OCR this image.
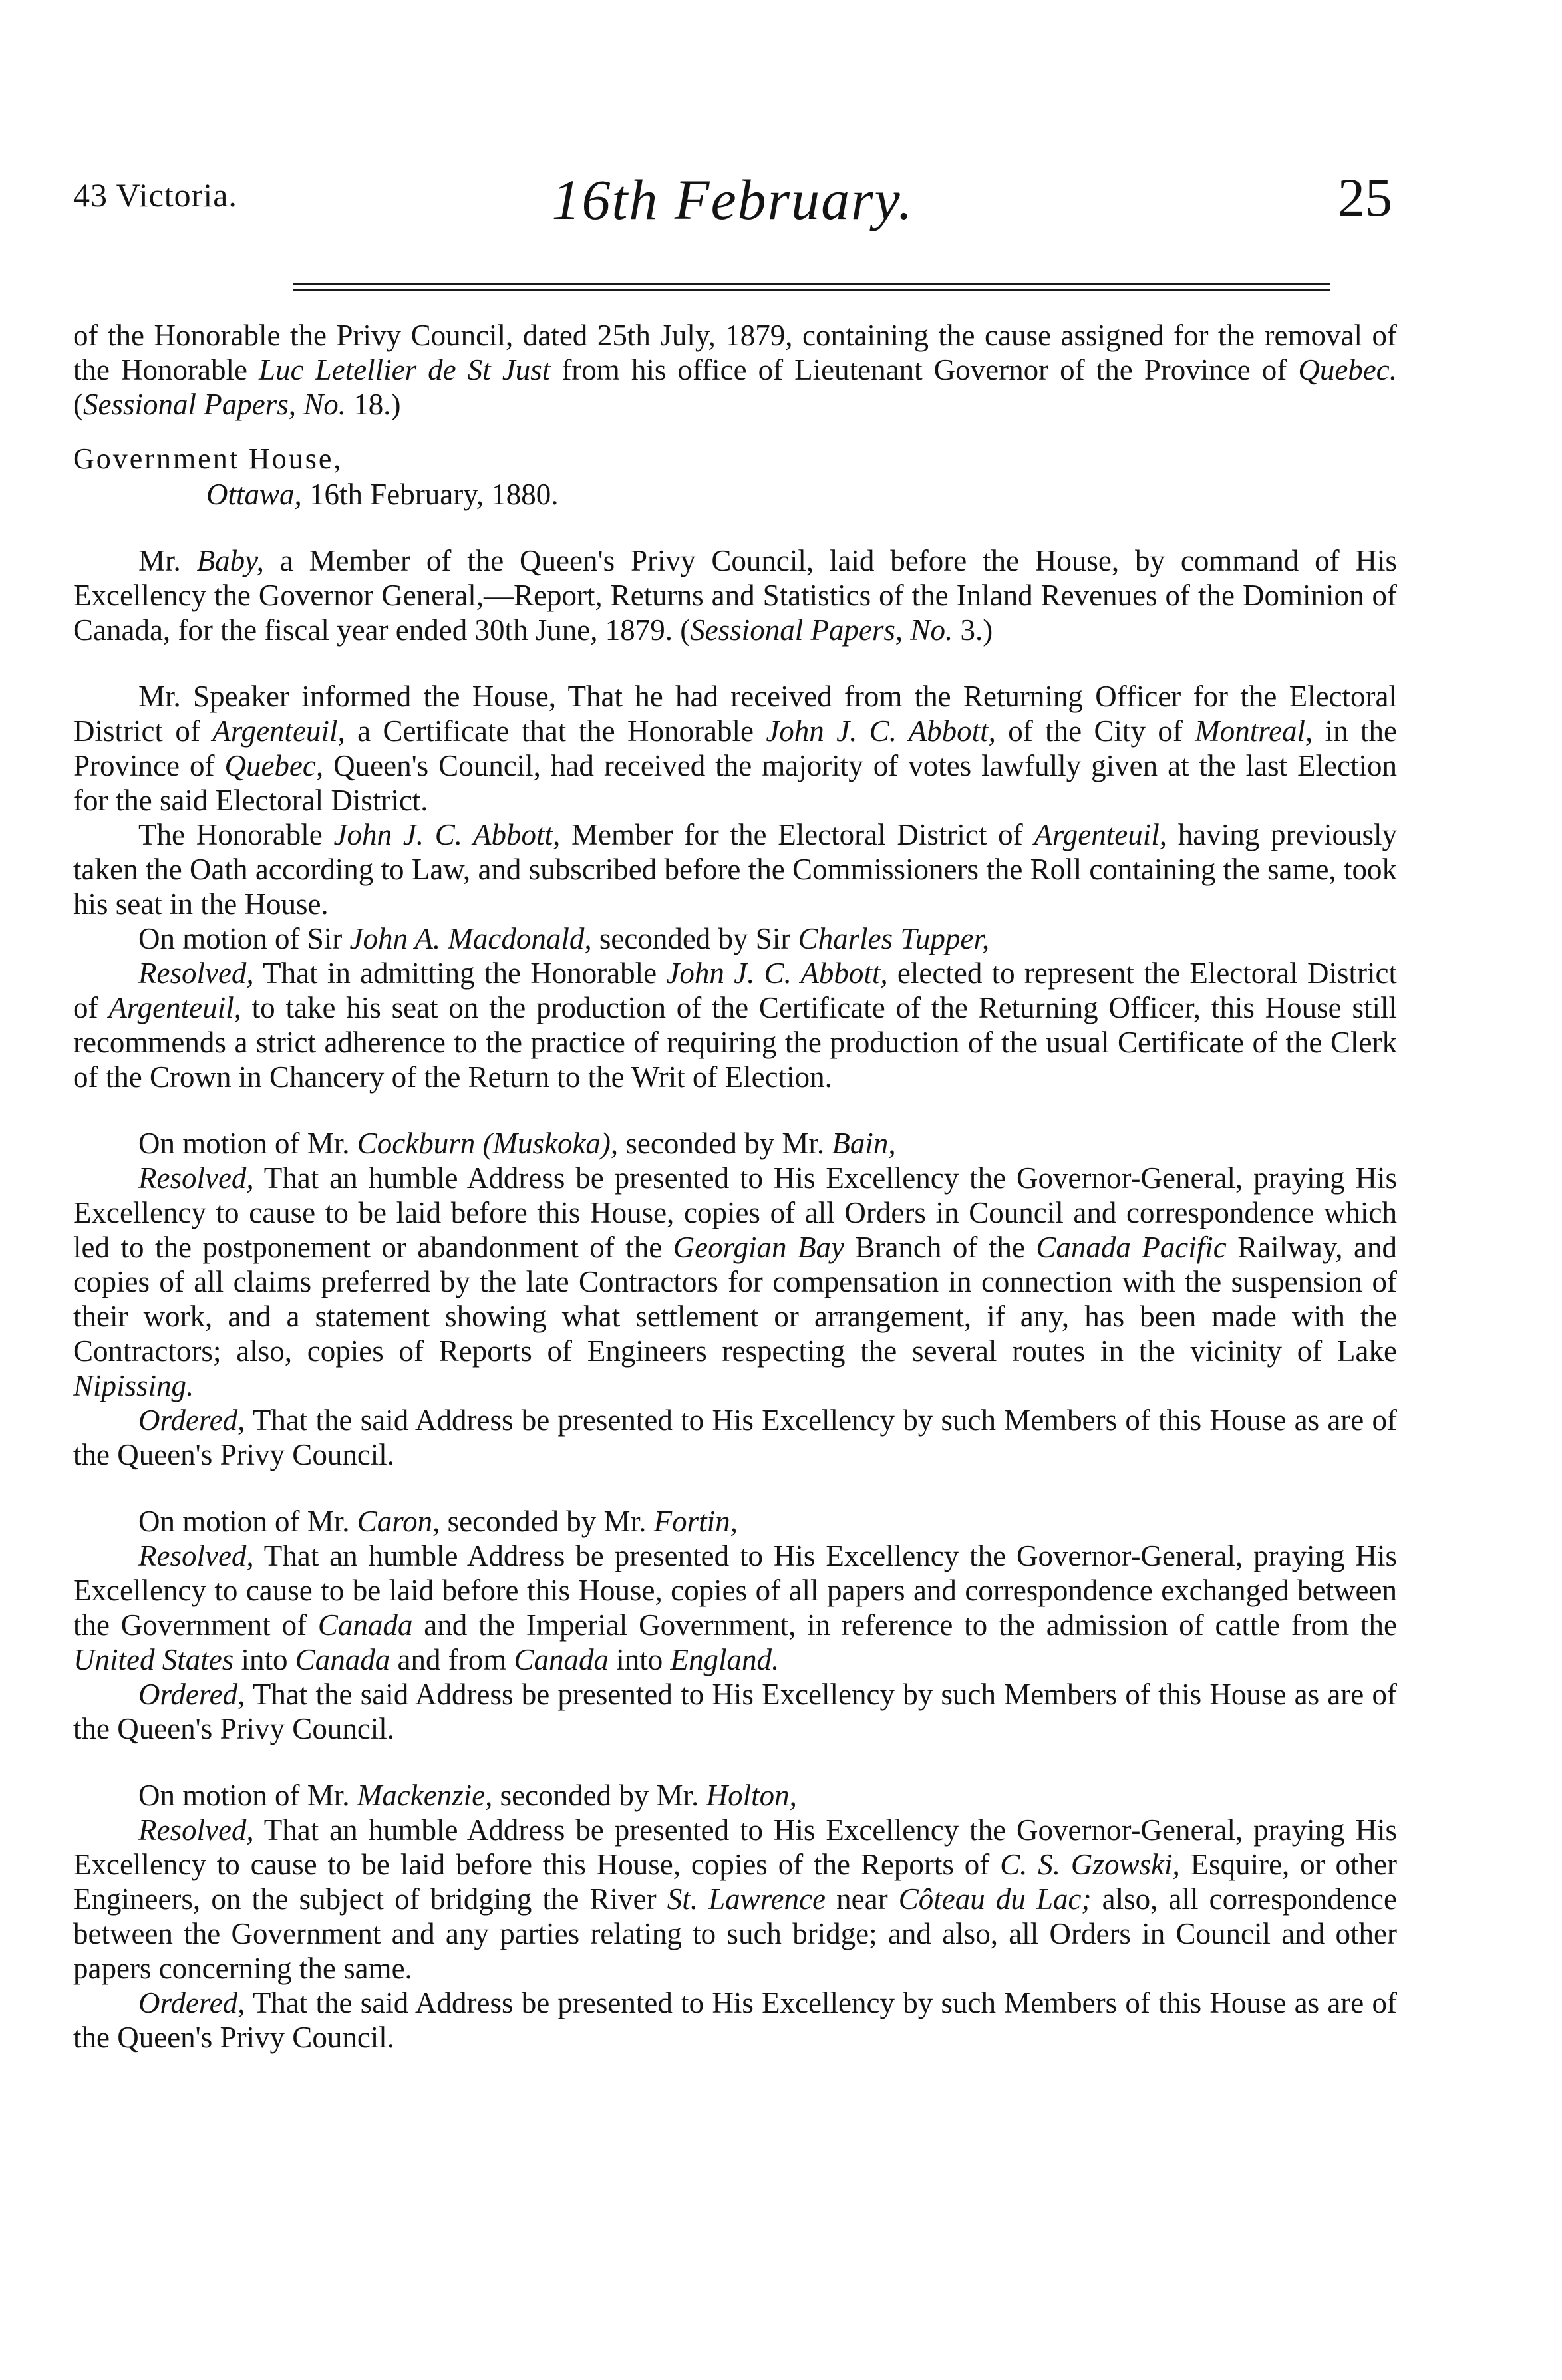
43 Victoria.	16th February.	25

of the Honorable the Privy Council, dated 25th July, 1879, containing the cause assigned for the removal of the Honorable Luc Letellier de St Just from his office of Lieutenant Governor of the Province of Quebec. (Sessional Papers, No. 18.)

Government House,

Ottawa, 16th February, 1880.

Mr. Baby, a Member of the Queen's Privy Council, laid before the House, by command of His Excellency the Governor General,—Report, Returns and Statistics of the Inland Revenues of the Dominion of Canada, for the fiscal year ended 30th June, 1879. (Sessional Papers, No. 3.)

Mr. Speaker informed the House, That he had received from the Returning Officer for the Electoral District of Argenteuil, a Certificate that the Honorable John J. C. Abbott, of the City of Montreal, in the Province of Quebec, Queen's Council, had received the majority of votes lawfully given at the last Election for the said Electoral District.

The Honorable John J. C. Abbott, Member for the Electoral District of Argenteuil, having previously taken the Oath according to Law, and subscribed before the Commissioners the Roll containing the same, took his seat in the House.

On motion of Sir John A. Macdonald, seconded by Sir Charles Tupper,

Resolved, That in admitting the Honorable John J. C. Abbott, elected to represent the Electoral District of Argenteuil, to take his seat on the production of the Certificate of the Returning Officer, this House still recommends a strict adherence to the practice of requiring the production of the usual Certificate of the Clerk of the Crown in Chancery of the Return to the Writ of Election.

On motion of Mr. Cockburn (Muskoka), seconded by Mr. Bain,

Resolved, That an humble Address be presented to His Excellency the Governor-General, praying His Excellency to cause to be laid before this House, copies of all Orders in Council and correspondence which led to the postponement or abandonment of the Georgian Bay Branch of the Canada Pacific Railway, and copies of all claims preferred by the late Contractors for compensation in connection with the suspension of their work, and a statement showing what settlement or arrangement, if any, has been made with the Contractors; also, copies of Reports of Engineers respecting the several routes in the vicinity of Lake Nipissing.

Ordered, That the said Address be presented to His Excellency by such Members of this House as are of the Queen's Privy Council.

On motion of Mr. Caron, seconded by Mr. Fortin,

Resolved, That an humble Address be presented to His Excellency the Governor-General, praying His Excellency to cause to be laid before this House, copies of all papers and correspondence exchanged between the Government of Canada and the Imperial Government, in reference to the admission of cattle from the United States into Canada and from Canada into England.

Ordered, That the said Address be presented to His Excellency by such Members of this House as are of the Queen's Privy Council.

On motion of Mr. Mackenzie, seconded by Mr. Holton,

Resolved, That an humble Address be presented to His Excellency the Governor-General, praying His Excellency to cause to be laid before this House, copies of the Reports of C. S. Gzowski, Esquire, or other Engineers, on the subject of bridging the River St. Lawrence near Côteau du Lac; also, all correspondence between the Government and any parties relating to such bridge; and also, all Orders in Council and other papers concerning the same.

Ordered, That the said Address be presented to His Excellency by such Members of this House as are of the Queen's Privy Council.
